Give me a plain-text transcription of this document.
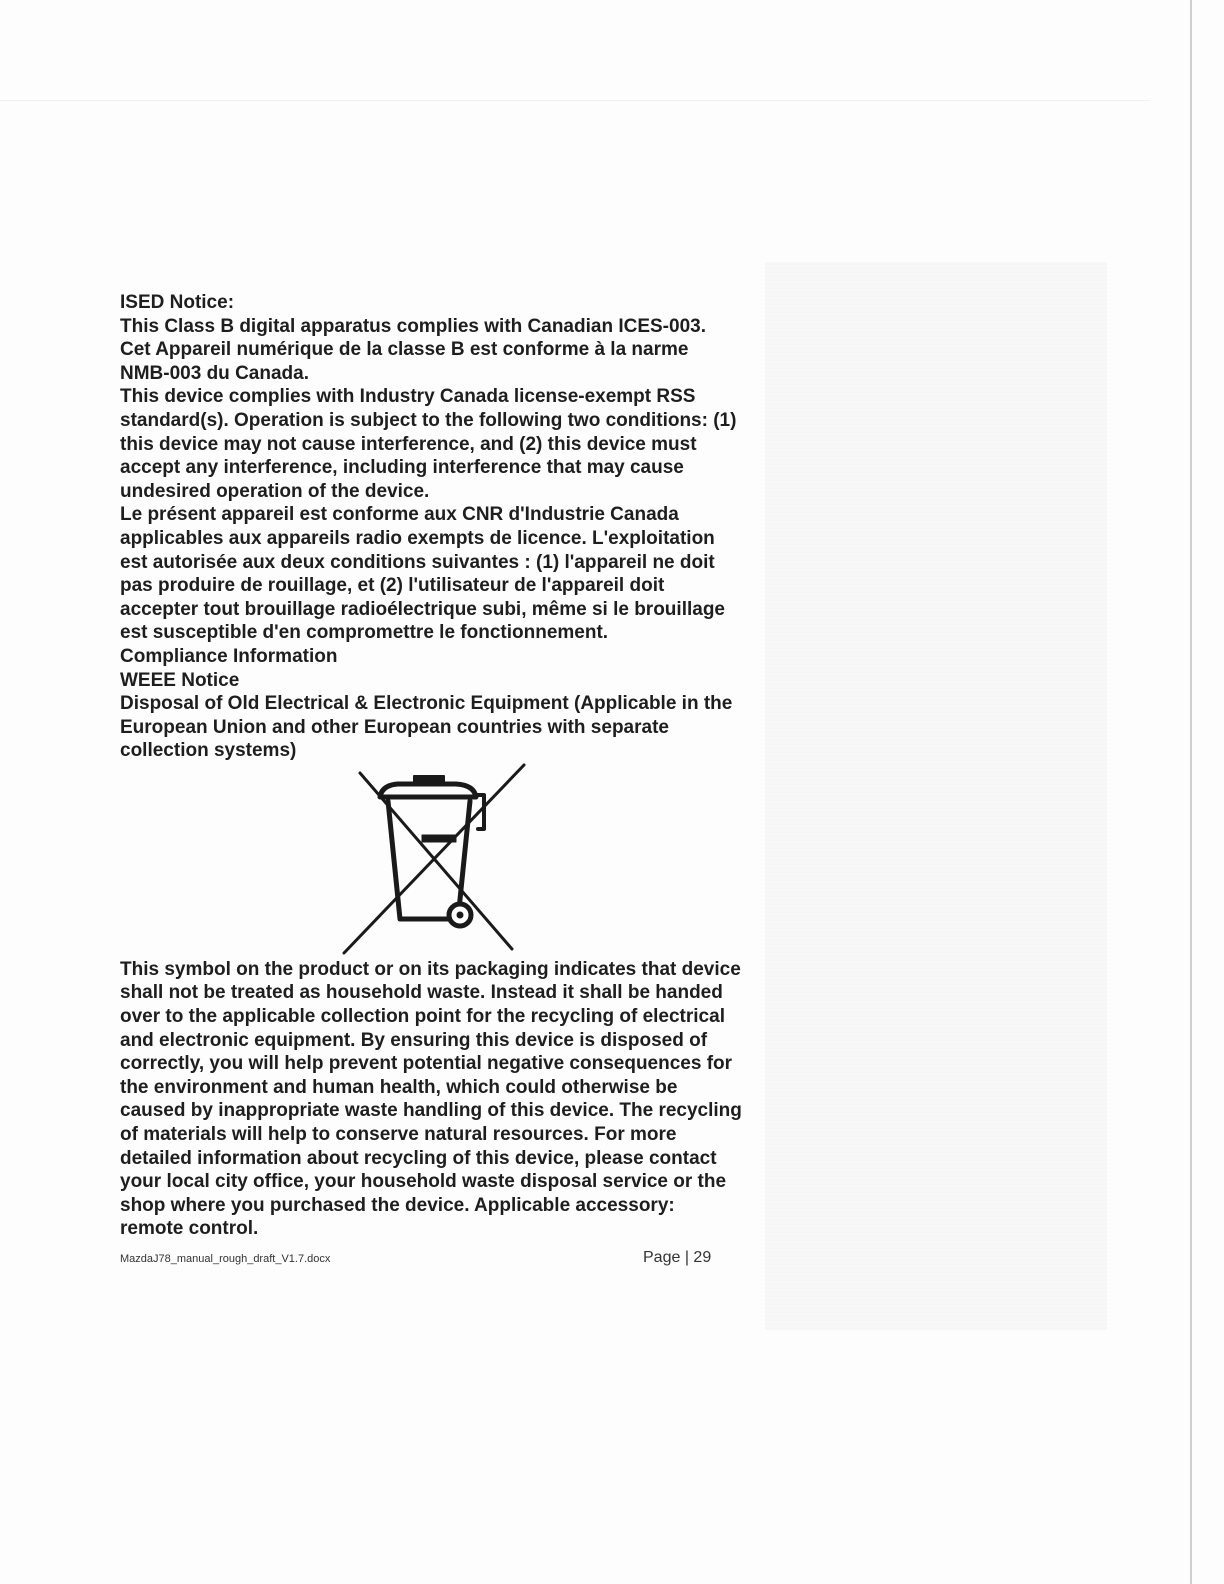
ISED Notice:

This Class B digital apparatus complies with Canadian ICES-003.
Cet Appareil numérique de la classe B est conforme à la narme
NMB-003 du Canada.
This device complies with Industry Canada license-exempt RSS
standard(s). Operation is subject to the following two conditions: (1)
this device may not cause interference, and (2) this device must
accept any interference, including interference that may cause
undesired operation of the device.
Le présent appareil est conforme aux CNR d'Industrie Canada
applicables aux appareils radio exempts de licence. L'exploitation
est autorisée aux deux conditions suivantes : (1) l'appareil ne doit
pas produire de rouillage, et (2) l'utilisateur de l'appareil doit
accepter tout brouillage radioélectrique subi, même si le brouillage
est susceptible d'en compromettre le fonctionnement.

Compliance Information

WEEE Notice

Disposal of Old Electrical & Electronic Equipment (Applicable in the
European Union and other European countries with separate
collection systems)

This symbol on the product or on its packaging indicates that device
shall not be treated as household waste. Instead it shall be handed
over to the applicable collection point for the recycling of electrical
and electronic equipment. By ensuring this device is disposed of
correctly, you will help prevent potential negative consequences for
the environment and human health, which could otherwise be
caused by inappropriate waste handling of this device. The recycling
of materials will help to conserve natural resources. For more
detailed information about recycling of this device, please contact
your local city office, your household waste disposal service or the
shop where you purchased the device. Applicable accessory:
remote control.

MazdaJ78_manual_rough_draft_V1.7.docx	Page | 29
